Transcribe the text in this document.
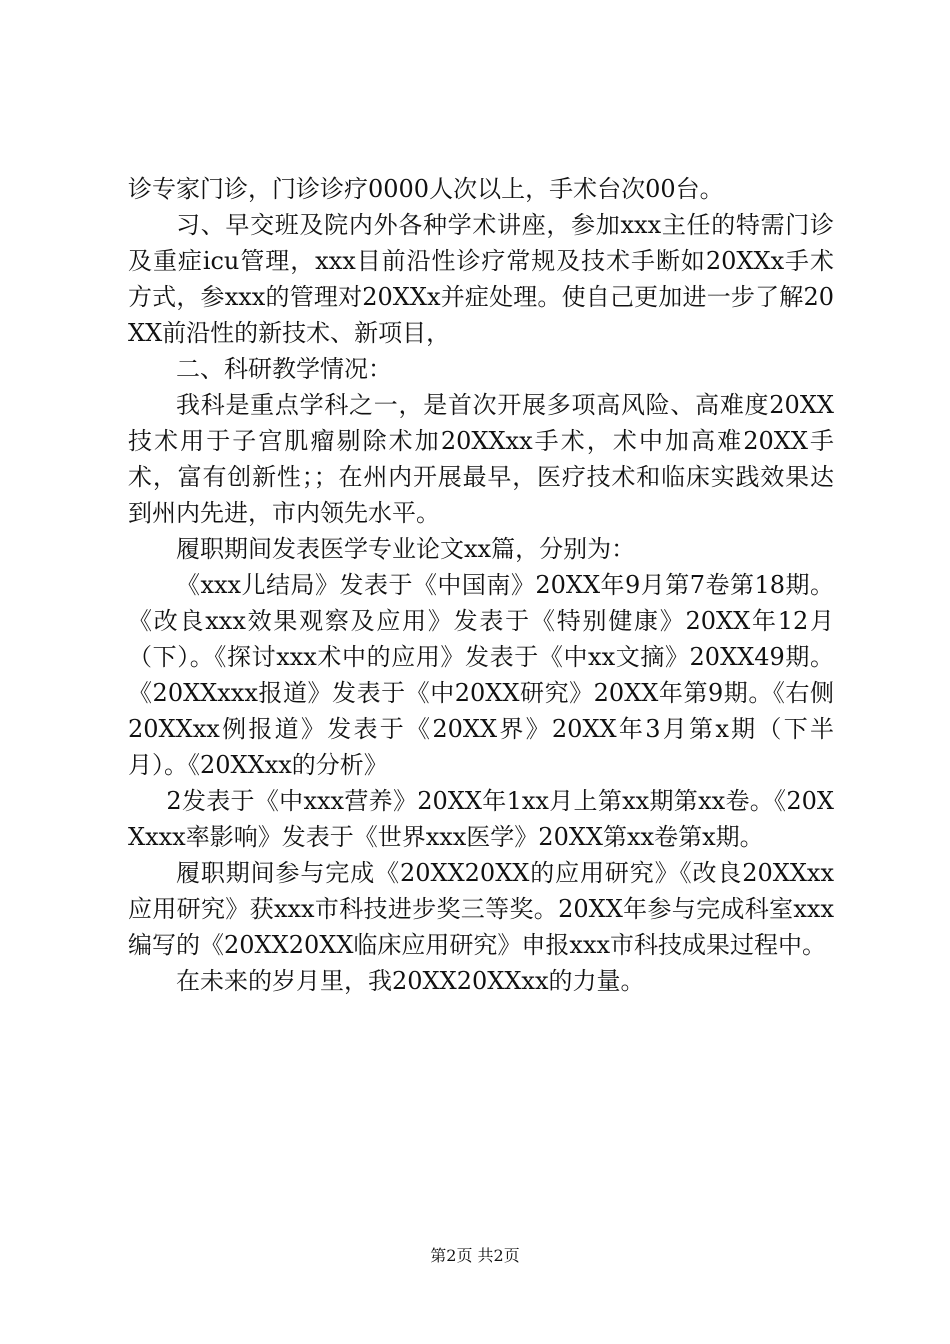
诊专家门诊，门诊诊疗0000人次以上，手术台次00台。

习、早交班及院内外各种学术讲座，参加xxx主任的特需门诊及重症icu管理，xxx目前沿性诊疗常规及技术手断如20XXx手术方式，参xxx的管理对20XXx并症处理。使自己更加进一步了解20XX前沿性的新技术、新项目，

二、科研教学情况：

我科是重点学科之一，是首次开展多项高风险、高难度20XX技术用于子宫肌瘤剔除术加20XXxx手术，术中加高难20XX手术，富有创新性；；在州内开展最早，医疗技术和临床实践效果达到州内先进，市内领先水平。

履职期间发表医学专业论文xx篇，分别为：

《xxx儿结局》发表于《中国南》20XX年9月第7卷第18期。《改良xxx效果观察及应用》发表于《特别健康》20XX年12月（下）。《探讨xxx术中的应用》发表于《中xx文摘》20XX49期。《20XXxxx报道》发表于《中20XX研究》20XX年第9期。《右侧20XXxx例报道》发表于《20XX界》20XX年3月第x期（下半月）。《20XXxx的分析》

2发表于《中xxx营养》20XX年1xx月上第xx期第xx卷。《20XXxxx率影响》发表于《世界xxx医学》20XX第xx卷第x期。

履职期间参与完成《20XX20XX的应用研究》《改良20XXxx应用研究》获xxx市科技进步奖三等奖。20XX年参与完成科室xxx编写的《20XX20XX临床应用研究》申报xxx市科技成果过程中。

在未来的岁月里，我20XX20XXxx的力量。

第2页 共2页
